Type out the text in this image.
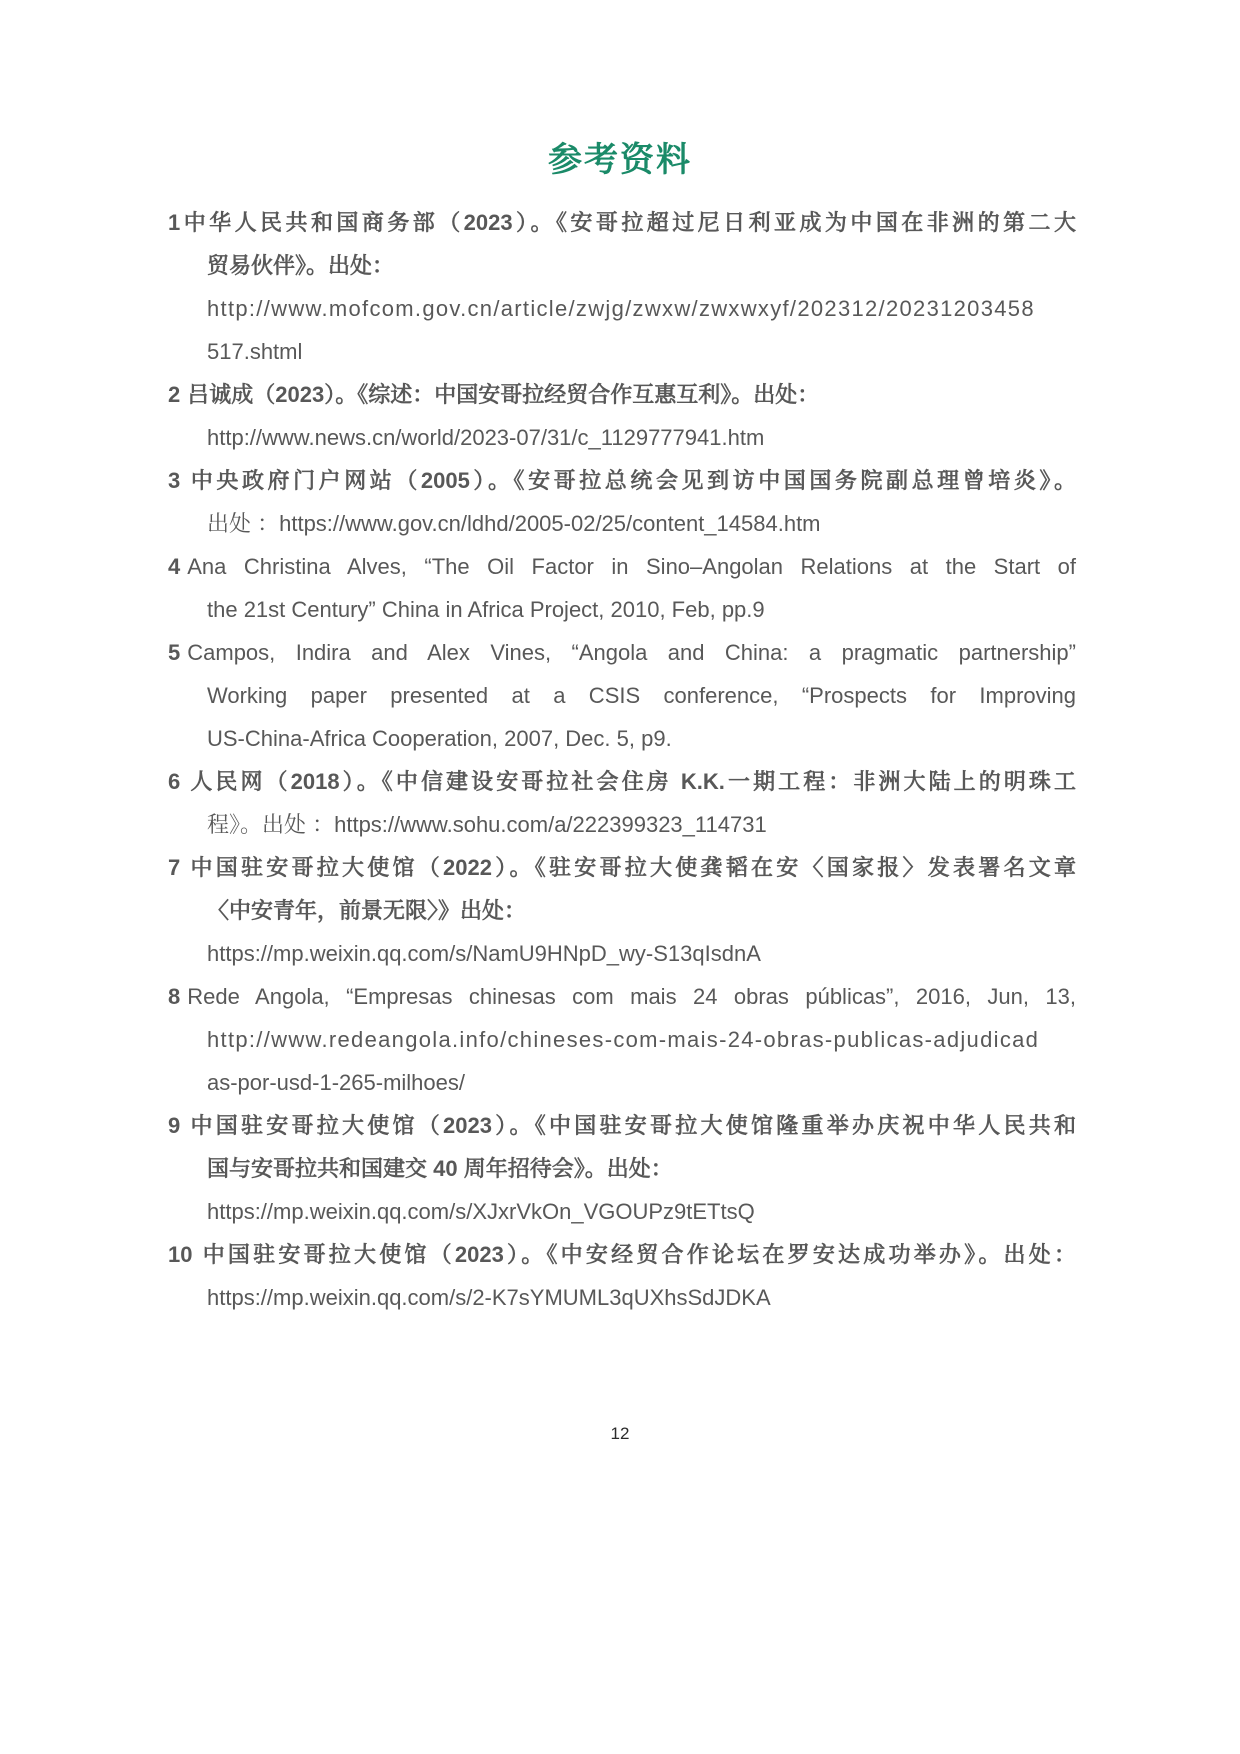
参考资料

1中华人民共和国商务部（2023）。《安哥拉超过尼日利亚成为中国在非洲的第二大

贸易伙伴》。出处：

http://www.mofcom.gov.cn/article/zwjg/zwxw/zwxwxyf/202312/20231203458

517.shtml

2 吕诚成（2023）。《综述：中国安哥拉经贸合作互惠互利》。出处：

http://www.news.cn/world/2023-07/31/c_1129777941.htm

3 中央政府门户网站（2005）。《安哥拉总统会见到访中国国务院副总理曾培炎》。

出处 ：https://www.gov.cn/ldhd/2005-02/25/content_14584.htm

4 Ana Christina Alves, “The Oil Factor in Sino–Angolan Relations at the Start of

the 21st Century” China in Africa Project, 2010, Feb, pp.9

5 Campos, Indira and Alex Vines, “Angola and China: a pragmatic partnership”

Working paper presented at a CSIS conference, “Prospects for Improving

US-China-Africa Cooperation, 2007, Dec. 5, p9.

6 人民网（2018）。《中信建设安哥拉社会住房 K.K.一期工程：非洲大陆上的明珠工

程》。出处 ：https://www.sohu.com/a/222399323_114731

7 中国驻安哥拉大使馆（2022）。《驻安哥拉大使龚韬在安〈国家报〉发表署名文章

〈中安青年，前景无限〉》出处：

https://mp.weixin.qq.com/s/NamU9HNpD_wy-S13qIsdnA

8 Rede Angola, “Empresas chinesas com mais 24 obras públicas”, 2016, Jun, 13,

http://www.redeangola.info/chineses-com-mais-24-obras-publicas-adjudicad

as-por-usd-1-265-milhoes/

9 中国驻安哥拉大使馆（2023）。《中国驻安哥拉大使馆隆重举办庆祝中华人民共和

国与安哥拉共和国建交 40 周年招待会》。出处：

https://mp.weixin.qq.com/s/XJxrVkOn_VGOUPz9tETtsQ

10 中国驻安哥拉大使馆（2023）。《中安经贸合作论坛在罗安达成功举办》。出处：

https://mp.weixin.qq.com/s/2-K7sYMUML3qUXhsSdJDKA

12
